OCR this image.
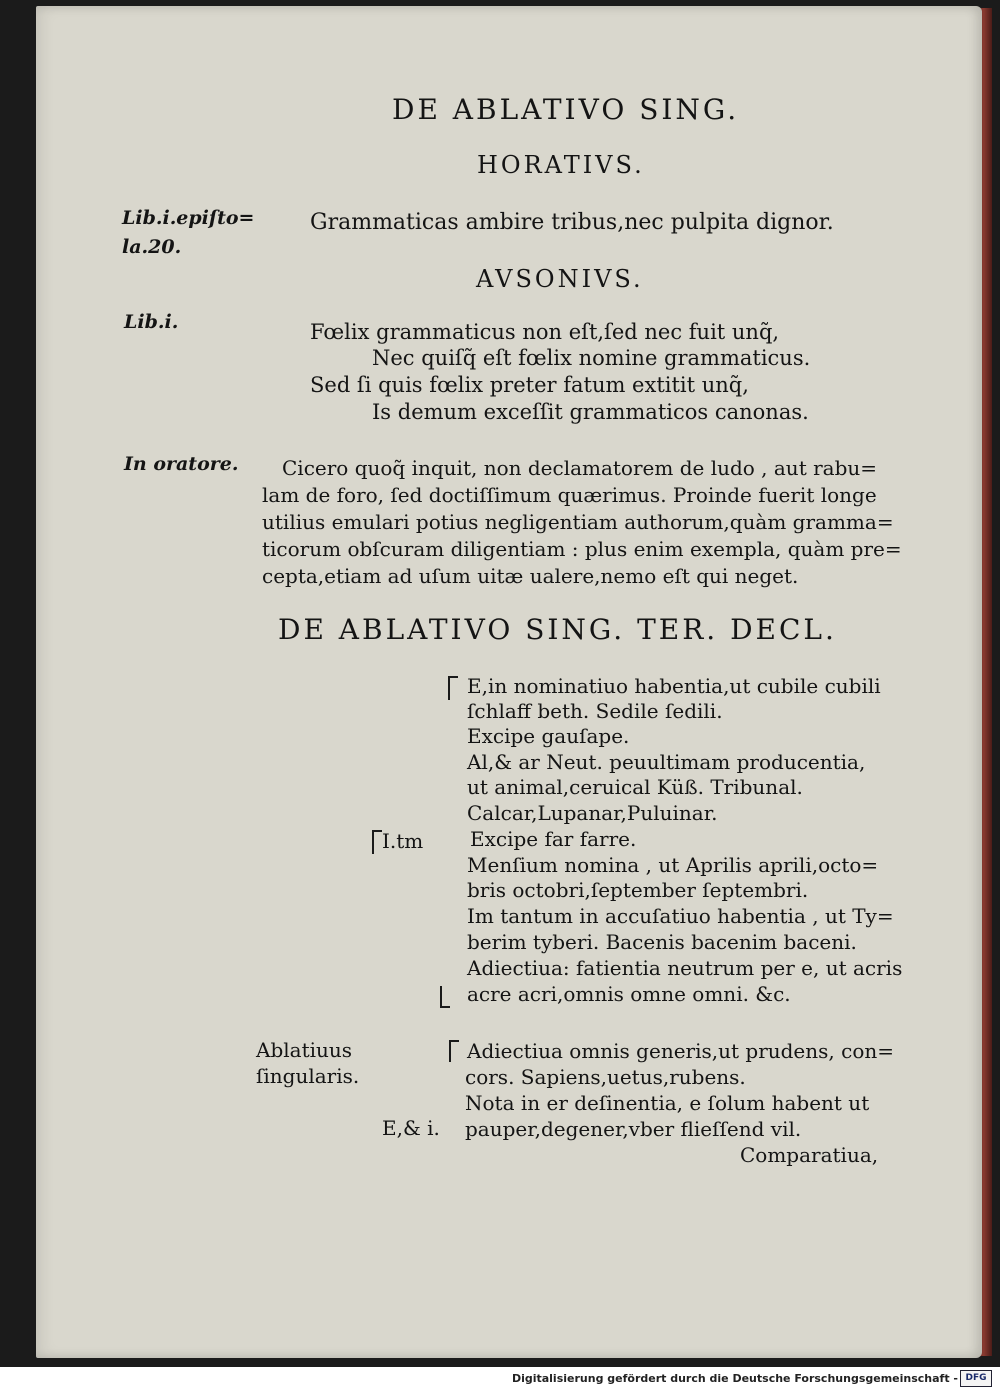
DE ABLATIVO SING.
HORATIVS.
Lib.i.epiſto=
la.20.
Grammaticas ambire tribus,nec pulpita dignor.
AVSONIVS.
Lib.i.	Fœlix grammaticus non eſt,ſed nec fuit unq̃,
Nec quiſq̃ eſt fœlix nomine grammaticus.
Sed ſi quis fœlix preter fatum extitit unq̃,
Is demum exceſſit grammaticos canonas.
In oratore. Cicero quoq̃ inquit, non declamatorem de ludo , aut rabu=
lam de foro, ſed doctiſſimum quærimus. Proinde fuerit longe
utilius emulari potius negligentiam authorum,quàm gramma=
ticorum obſcuram diligentiam : plus enim exempla, quàm pre=
cepta,etiam ad uſum uitæ ualere,nemo eſt qui neget.
DE ABLATIVO SING. TER. DECL.
I.tm
E,in nominatiuo habentia,ut cubile cubili
ſchlaff beth. Sedile ſedili.
Excipe gauſape.
Al,& ar Neut. peuultimam producentia,
ut animal,ceruical Küß. Tribunal.
Calcar,Lupanar,Puluinar.
Excipe far farre.
Menſium nomina , ut Aprilis aprili,octo=
bris octobri,ſeptember ſeptembri.
Im tantum in accuſatiuo habentia , ut Ty=
berim tyberi. Bacenis bacenim baceni.
Adiectiua: fatientia neutrum per e, ut acris
acre acri,omnis omne omni. &c.
Ablatiuus
ſingularis.
E,& i.
Adiectiua omnis generis,ut prudens, con=
cors. Sapiens,uetus,rubens.
Nota in er deſinentia, e ſolum habent ut
pauper,degener,vber flieſſend vil.
Comparatiua,
Digitalisierung gefördert durch die Deutsche Forschungsgemeinschaft - DFG
